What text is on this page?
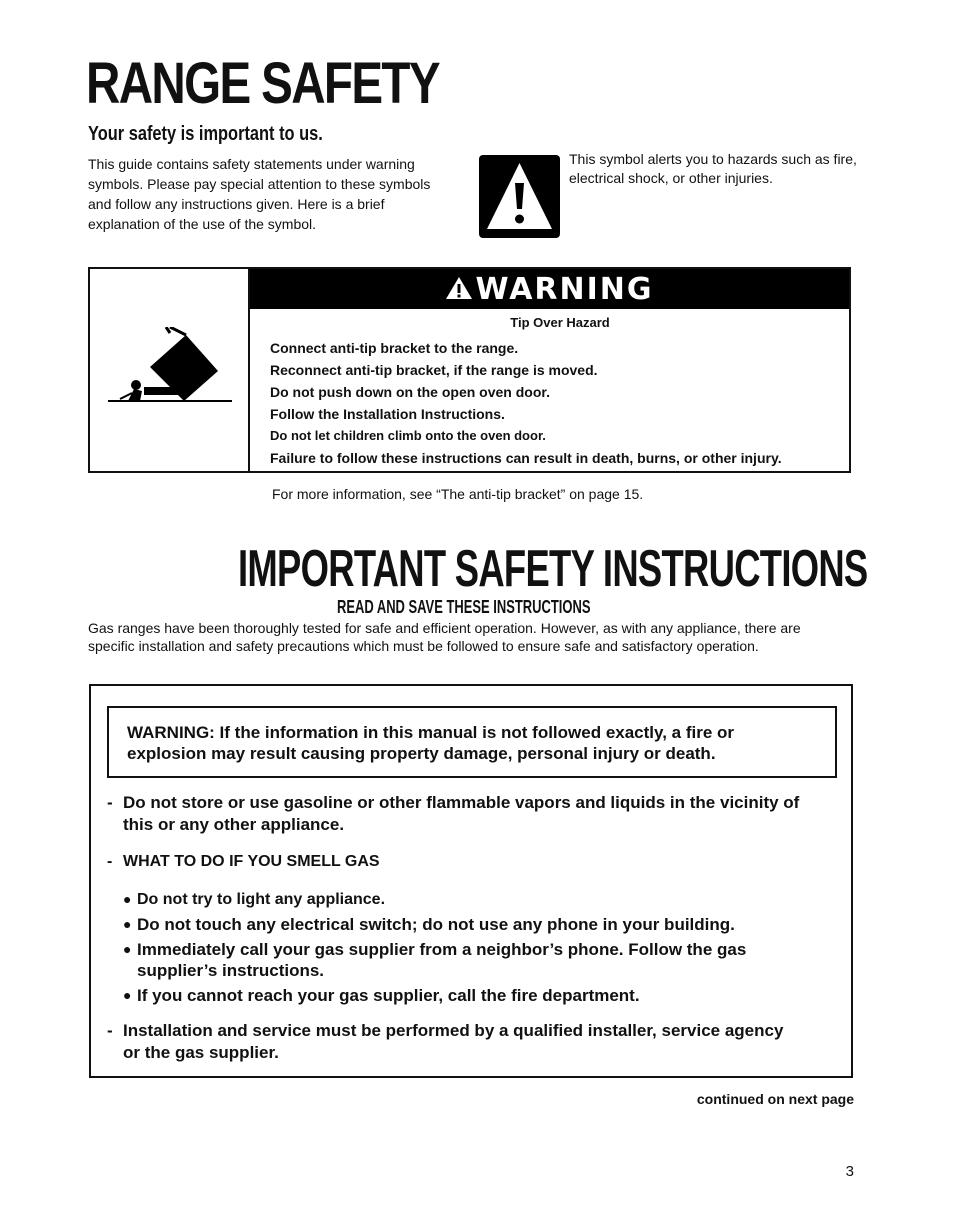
RANGE SAFETY
Your safety is important to us.

This guide contains safety statements under warning symbols. Please pay special attention to these symbols and follow any instructions given. Here is a brief explanation of the use of the symbol.

This symbol alerts you to hazards such as fire, electrical shock, or other injuries.

WARNING

Tip Over Hazard

Connect anti-tip bracket to the range.

Reconnect anti-tip bracket, if the range is moved.

Do not push down on the open oven door.

Follow the Installation Instructions.

Do not let children climb onto the oven door.

Failure to follow these instructions can result in death, burns, or other injury.

For more information, see “The anti-tip bracket” on page 15.

IMPORTANT SAFETY INSTRUCTIONS
READ AND SAVE THESE INSTRUCTIONS

Gas ranges have been thoroughly tested for safe and efficient operation. However, as with any appliance, there are specific installation and safety precautions which must be followed to ensure safe and satisfactory operation.

WARNING: If the information in this manual is not followed exactly, a fire or explosion may result causing property damage, personal injury or death.

- Do not store or use gasoline or other flammable vapors and liquids in the vicinity of this or any other appliance.

- WHAT TO DO IF YOU SMELL GAS

● Do not try to light any appliance.

● Do not touch any electrical switch; do not use any phone in your building.

● Immediately call your gas supplier from a neighbor’s phone. Follow the gas supplier’s instructions.

● If you cannot reach your gas supplier, call the fire department.

- Installation and service must be performed by a qualified installer, service agency or the gas supplier.

continued on next page

3
